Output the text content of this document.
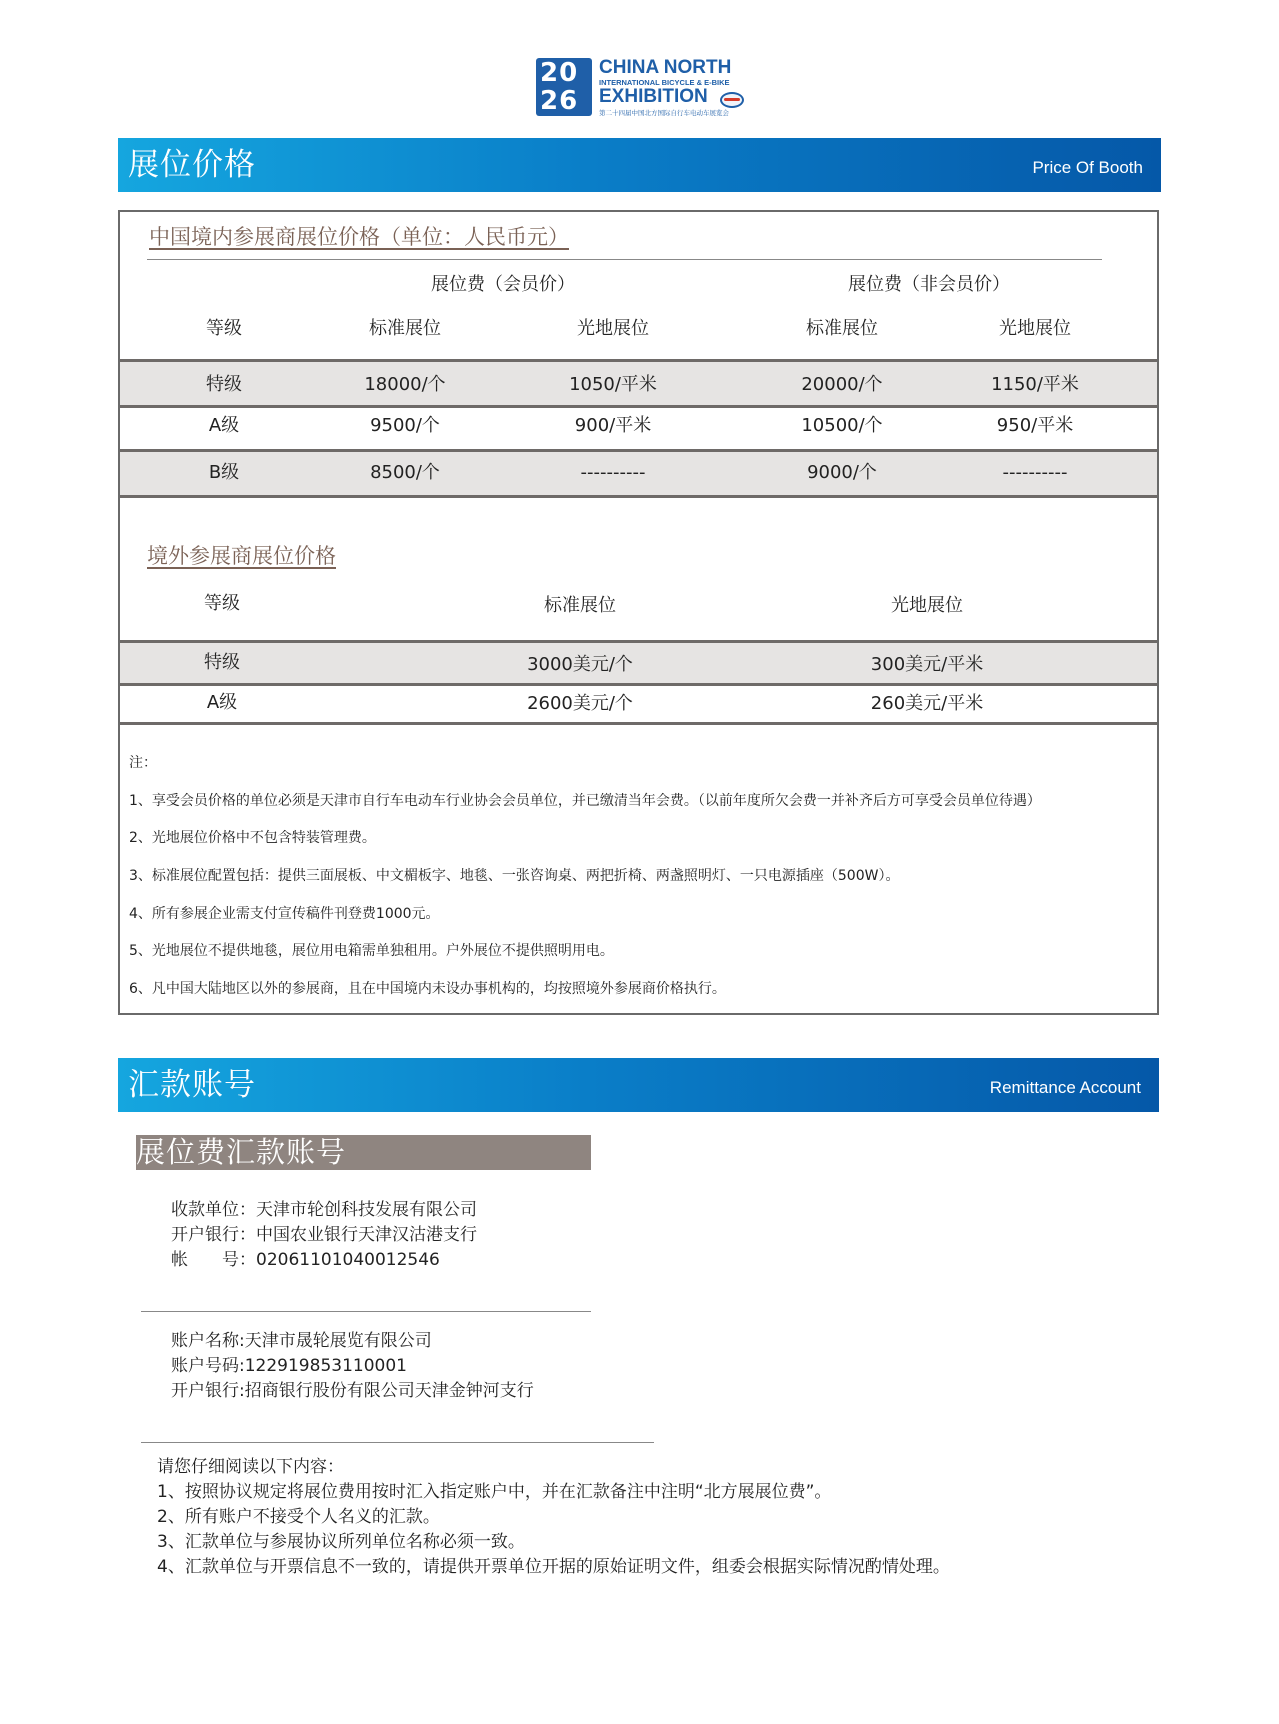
20
26
CHINA NORTH
INTERNATIONAL BICYCLE & E-BIKE
EXHIBITION
第二十四届中国北方国际自行车电动车展览会
展位价格	Price Of Booth
中国境内参展商展位价格（单位：人民币元）
展位费（会员价）	展位费（非会员价）
等级	标准展位	光地展位	标准展位	光地展位
特级	18000/个	1050/平米	20000/个	1150/平米
A级	9500/个	900/平米	10500/个	950/平米
B级	8500/个	----------	9000/个	----------
境外参展商展位价格
等级	标准展位	光地展位
特级	3000美元/个	300美元/平米
A级	2600美元/个	260美元/平米
注：
1、享受会员价格的单位必须是天津市自行车电动车行业协会会员单位，并已缴清当年会费。（以前年度所欠会费一并补齐后方可享受会员单位待遇）
2、光地展位价格中不包含特装管理费。
3、标准展位配置包括：提供三面展板、中文楣板字、地毯、一张咨询桌、两把折椅、两盏照明灯、一只电源插座（500W）。
4、所有参展企业需支付宣传稿件刊登费1000元。
5、光地展位不提供地毯，展位用电箱需单独租用。户外展位不提供照明用电。
6、凡中国大陆地区以外的参展商，且在中国境内未设办事机构的，均按照境外参展商价格执行。
汇款账号	Remittance Account
展位费汇款账号
收款单位：天津市轮创科技发展有限公司
开户银行：中国农业银行天津汉沽港支行
帐　　号：02061101040012546
账户名称:天津市晟轮展览有限公司
账户号码:122919853110001
开户银行:招商银行股份有限公司天津金钟河支行
请您仔细阅读以下内容：
1、按照协议规定将展位费用按时汇入指定账户中，并在汇款备注中注明“北方展展位费”。
2、所有账户不接受个人名义的汇款。
3、汇款单位与参展协议所列单位名称必须一致。
4、汇款单位与开票信息不一致的，请提供开票单位开据的原始证明文件，组委会根据实际情况酌情处理。
